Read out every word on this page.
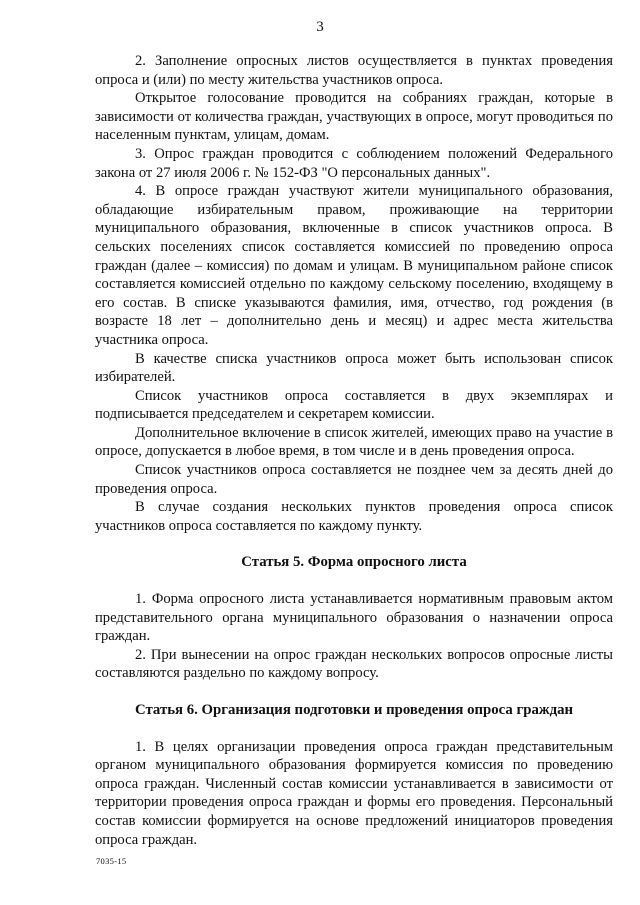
3

2. Заполнение опросных листов осуществляется в пунктах проведения опроса и (или) по месту жительства участников опроса.

Открытое голосование проводится на собраниях граждан, которые в зависимости от количества граждан, участвующих в опросе, могут проводиться по населенным пунктам, улицам, домам.

3. Опрос граждан проводится с соблюдением положений Федерального закона от 27 июля 2006 г. № 152-ФЗ "О персональных данных".

4. В опросе граждан участвуют жители муниципального образования, обладающие избирательным правом, проживающие на территории муниципального образования, включенные в список участников опроса. В сельских поселениях список составляется комиссией по проведению опроса граждан (далее – комиссия) по домам и улицам. В муниципальном районе список составляется комиссией отдельно по каждому сельскому поселению, входящему в его состав. В списке указываются фамилия, имя, отчество, год рождения (в возрасте 18 лет – дополнительно день и месяц) и адрес места жительства участника опроса.

В качестве списка участников опроса может быть использован список избирателей.

Список участников опроса составляется в двух экземплярах и подписывается председателем и секретарем комиссии.

Дополнительное включение в список жителей, имеющих право на участие в опросе, допускается в любое время, в том числе и в день проведения опроса.

Список участников опроса составляется не позднее чем за десять дней до проведения опроса.

В случае создания нескольких пунктов проведения опроса список участников опроса составляется по каждому пункту.

Статья 5. Форма опросного листа

1. Форма опросного листа устанавливается нормативным правовым актом представительного органа муниципального образования о назначении опроса граждан.

2. При вынесении на опрос граждан нескольких вопросов опросные листы составляются раздельно по каждому вопросу.

Статья 6. Организация подготовки и проведения опроса граждан

1. В целях организации проведения опроса граждан представительным органом муниципального образования формируется комиссия по проведению опроса граждан. Численный состав комиссии устанавливается в зависимости от территории проведения опроса граждан и формы его проведения. Персональный состав комиссии формируется на основе предложений инициаторов проведения опроса граждан.

7035-15
